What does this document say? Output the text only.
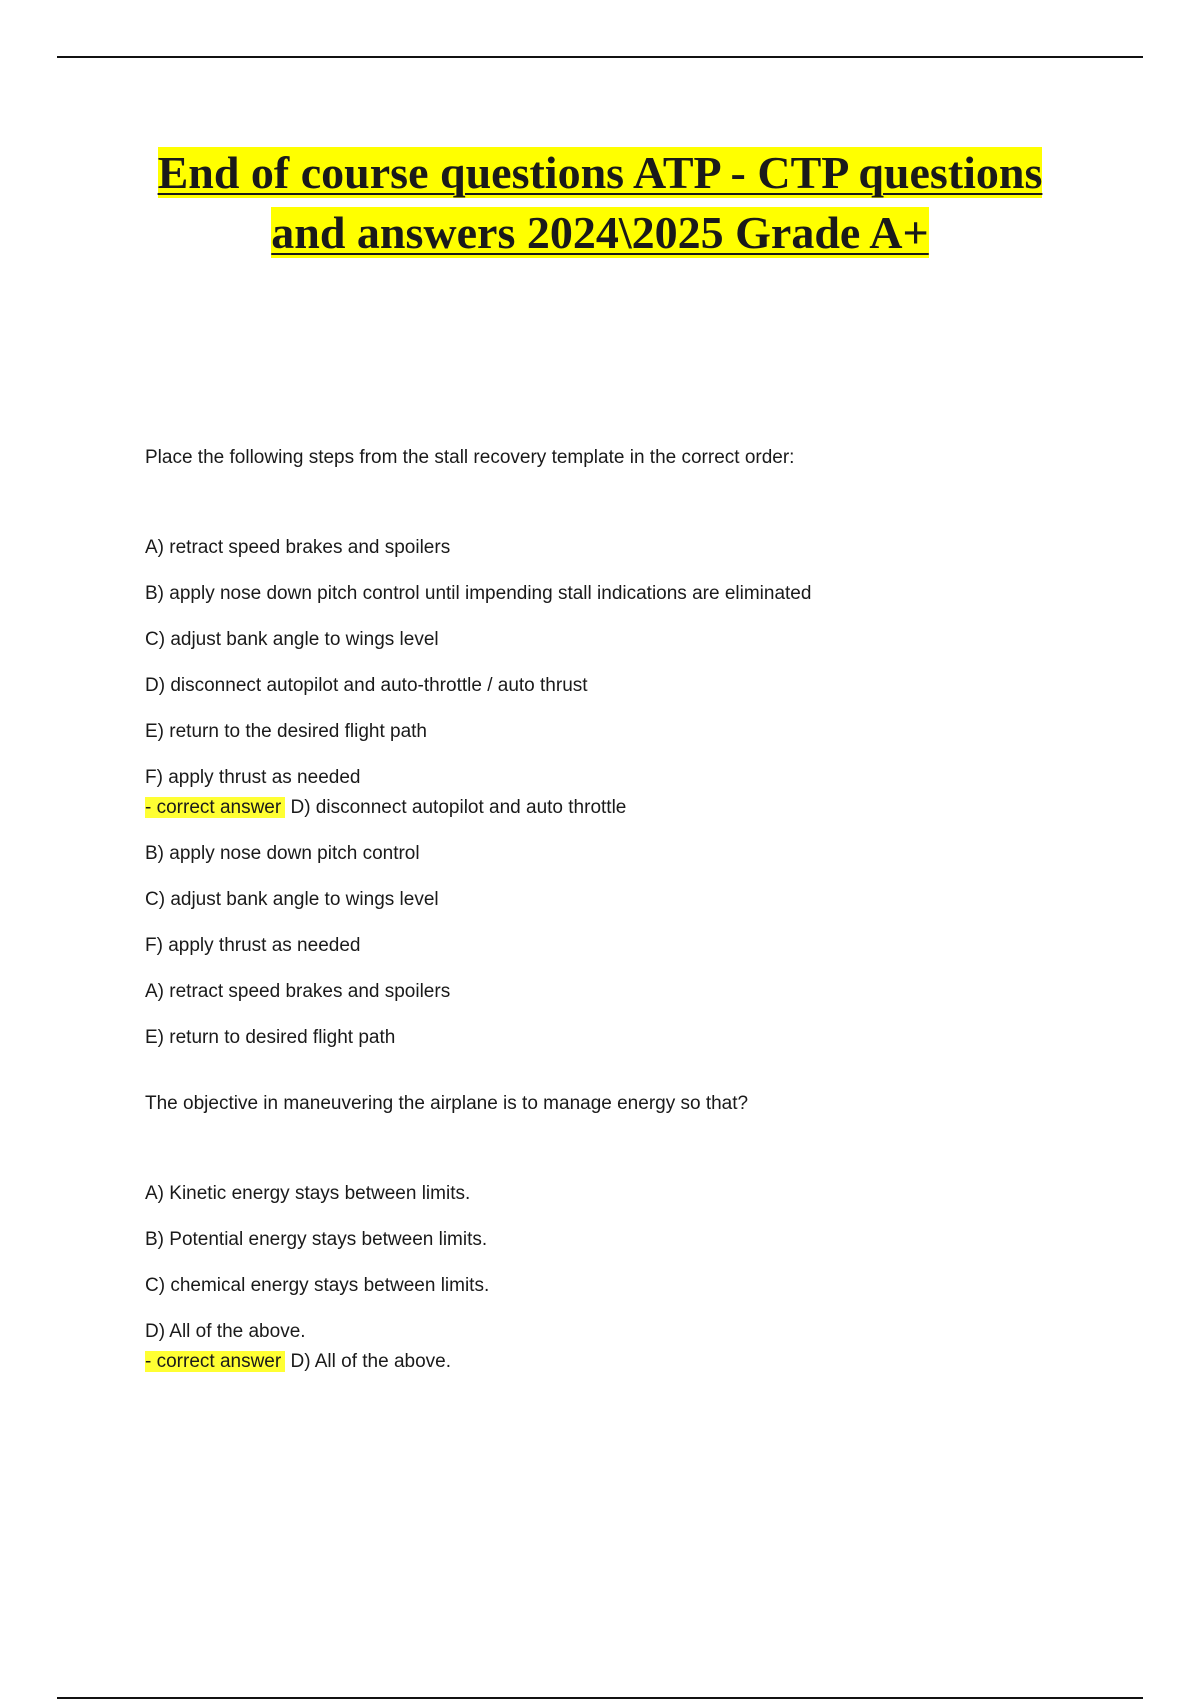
End of course questions ATP - CTP questions
and answers 2024\2025 Grade A+

Place the following steps from the stall recovery template in the correct order:

A) retract speed brakes and spoilers

B) apply nose down pitch control until impending stall indications are eliminated

C) adjust bank angle to wings level

D) disconnect autopilot and auto-throttle / auto thrust

E) return to the desired flight path

F) apply thrust as needed

- correct answer D) disconnect autopilot and auto throttle

B) apply nose down pitch control

C) adjust bank angle to wings level

F) apply thrust as needed

A) retract speed brakes and spoilers

E) return to desired flight path

The objective in maneuvering the airplane is to manage energy so that?

A) Kinetic energy stays between limits.

B) Potential energy stays between limits.

C) chemical energy stays between limits.

D) All of the above.

- correct answer D) All of the above.
